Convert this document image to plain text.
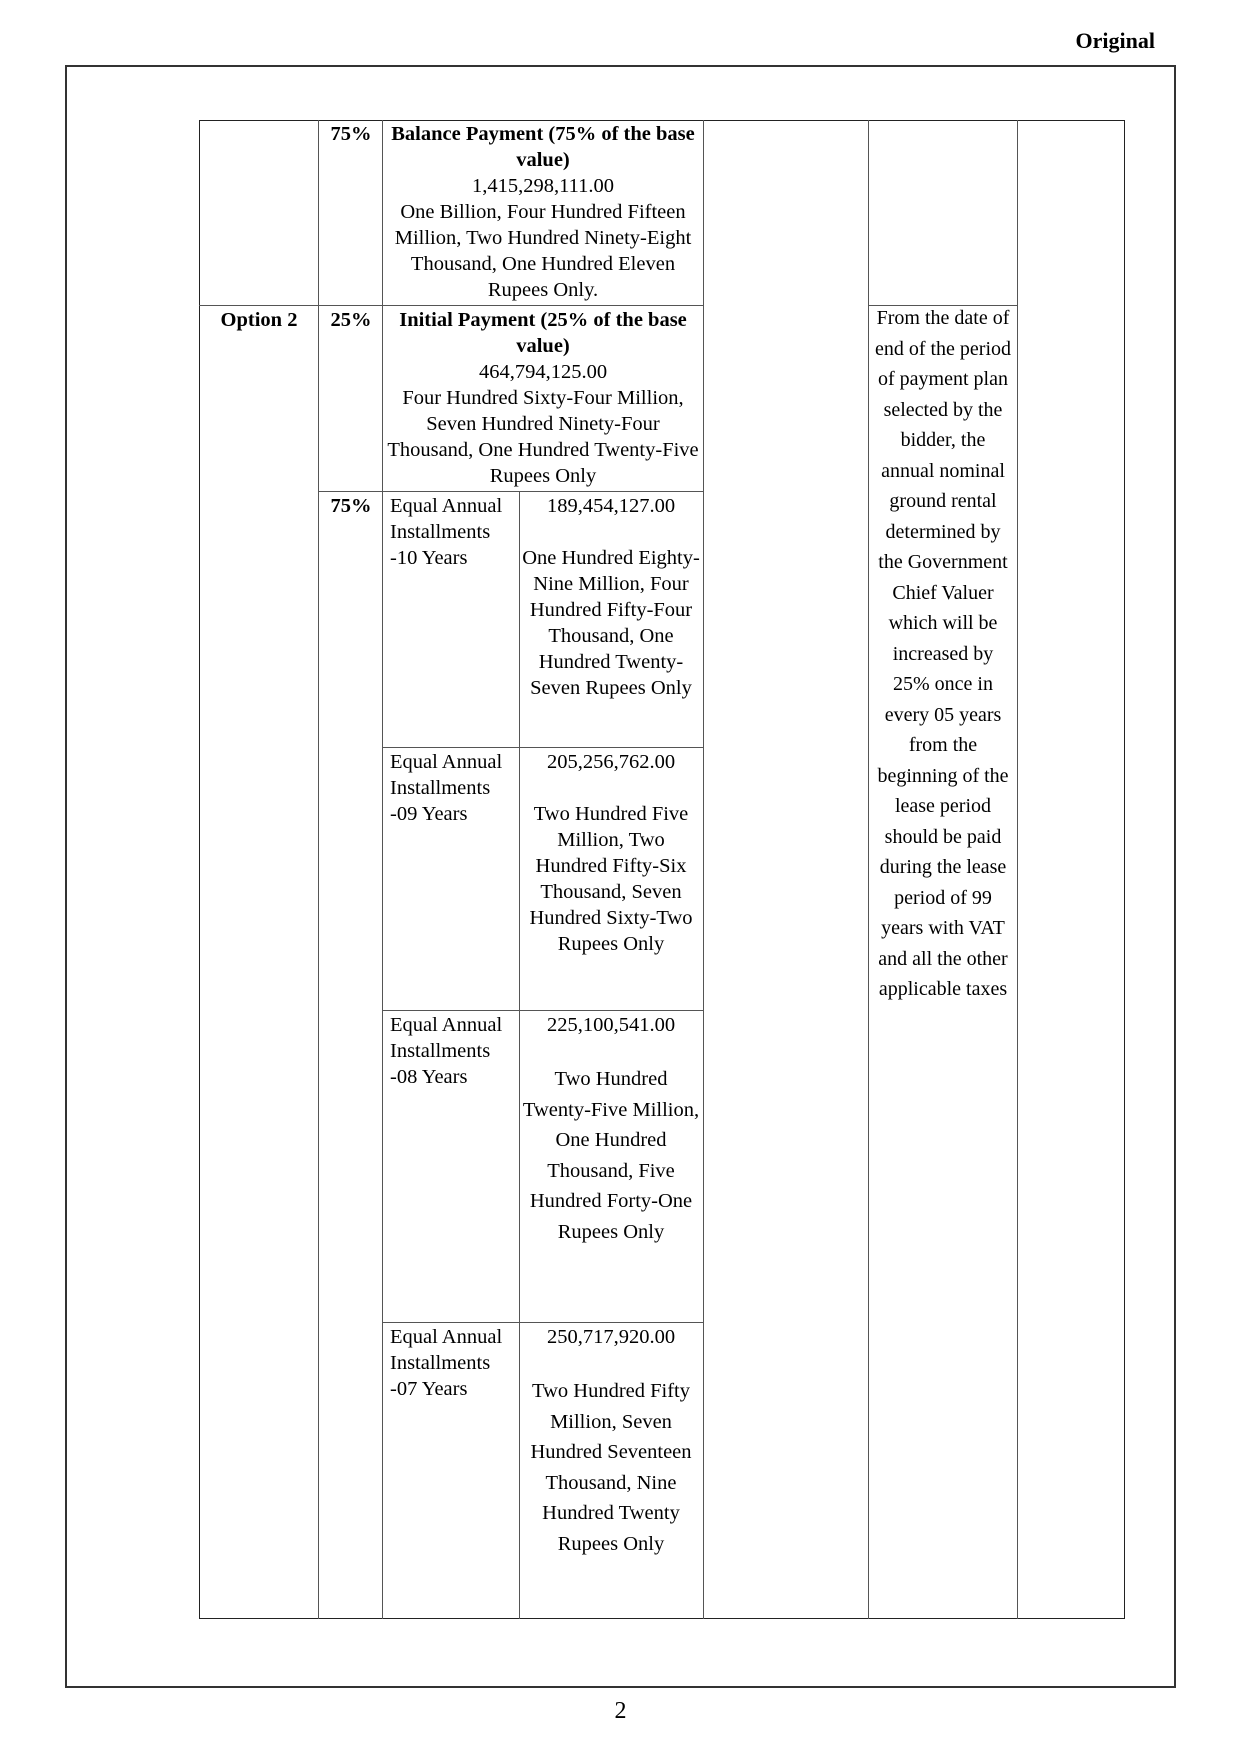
Original
2
75% Balance Payment (75% of the base value)
1,415,298,111.00
One Billion, Four Hundred Fifteen Million, Two Hundred Ninety-Eight Thousand, One Hundred Eleven Rupees Only.
Option 2	25%	Initial Payment (25% of the base value)
464,794,125.00
Four Hundred Sixty-Four Million, Seven Hundred Ninety-Four Thousand, One Hundred Twenty-Five Rupees Only
75% Equal Annual Installments -10 Years
189,454,127.00
One Hundred Eighty-Nine Million, Four Hundred Fifty-Four Thousand, One Hundred Twenty-Seven Rupees Only
Equal Annual Installments -09 Years
205,256,762.00
Two Hundred Five Million, Two Hundred Fifty-Six Thousand, Seven Hundred Sixty-Two Rupees Only
Equal Annual Installments -08 Years
225,100,541.00
Two Hundred Twenty-Five Million, One Hundred Thousand, Five Hundred Forty-One Rupees Only
Equal Annual Installments -07 Years
250,717,920.00
Two Hundred Fifty Million, Seven Hundred Seventeen Thousand, Nine Hundred Twenty Rupees Only
From the date of end of the period of payment plan selected by the bidder, the annual nominal ground rental determined by the Government Chief Valuer which will be increased by 25% once in every 05 years from the beginning of the lease period should be paid during the lease period of 99 years with VAT and all the other applicable taxes
